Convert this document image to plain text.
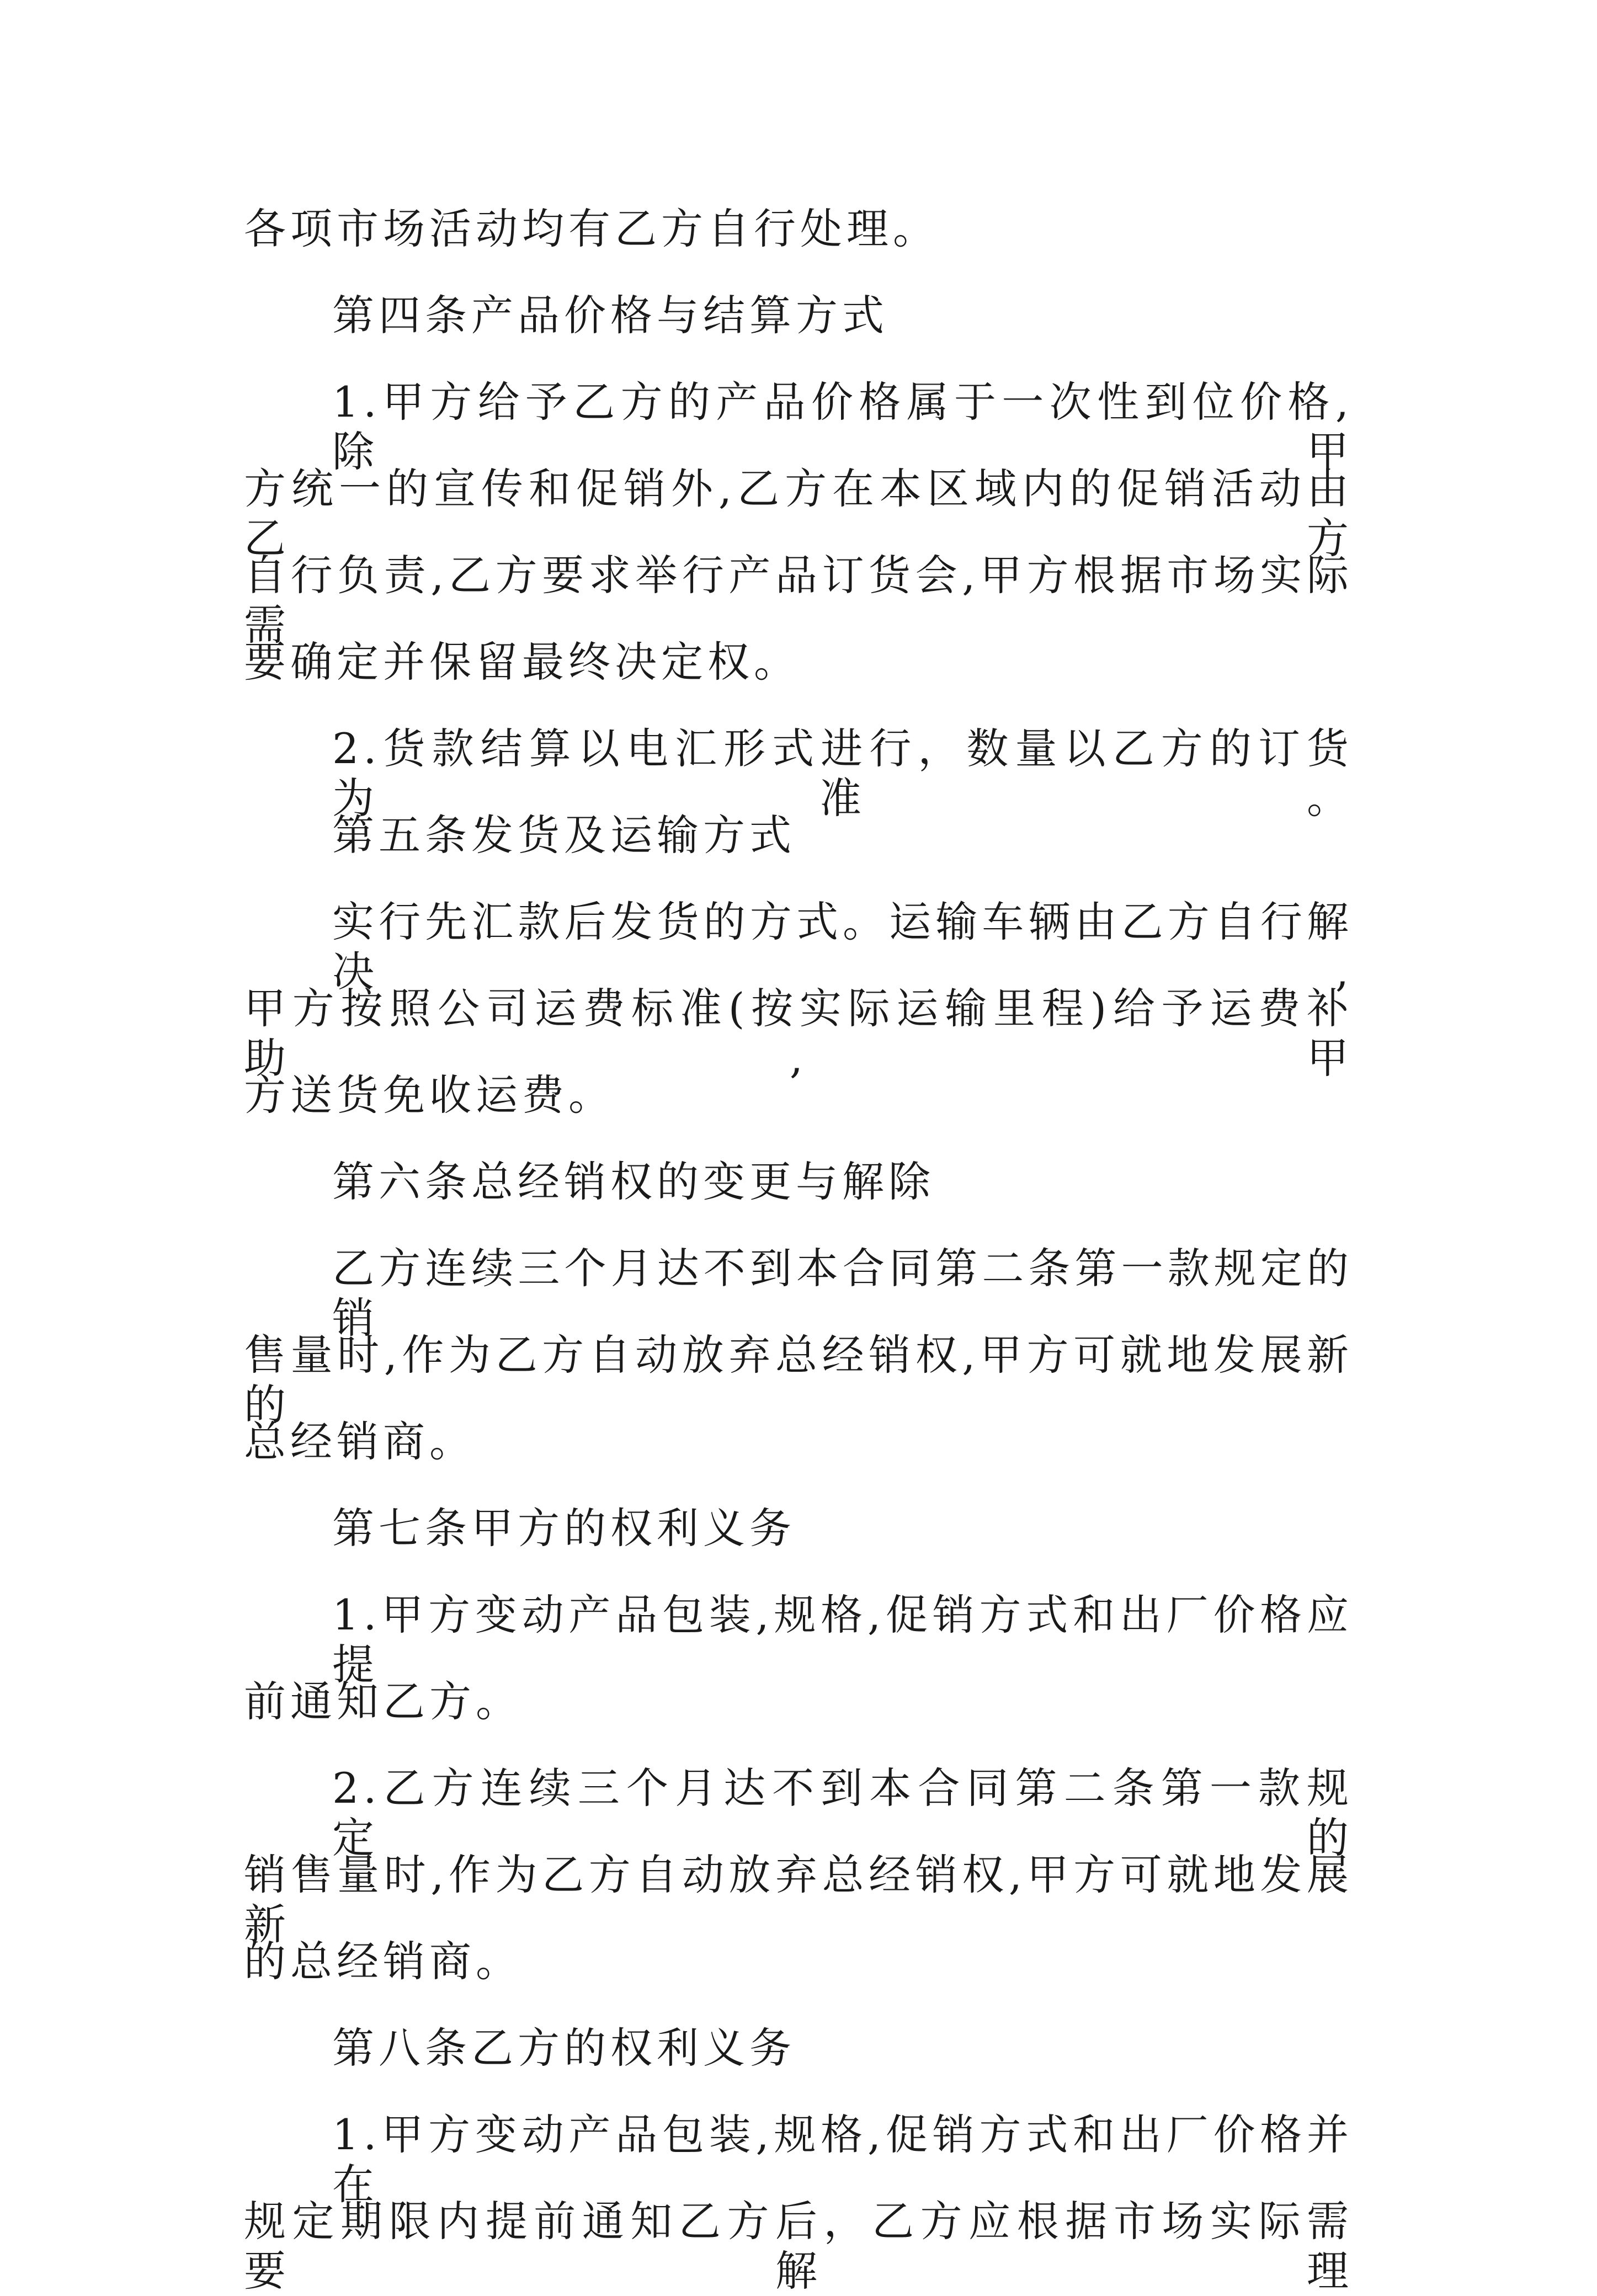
各项市场活动均有乙方自行处理。
第四条产品价格与结算方式
1.甲方给予乙方的产品价格属于一次性到位价格,除甲
方统一的宣传和促销外,乙方在本区域内的促销活动由乙方
自行负责,乙方要求举行产品订货会,甲方根据市场实际需
要确定并保留最终决定权。
2.货款结算以电汇形式进行，数量以乙方的订货为准。
第五条发货及运输方式
实行先汇款后发货的方式。运输车辆由乙方自行解决,
甲方按照公司运费标准(按实际运输里程)给予运费补助,甲
方送货免收运费。
第六条总经销权的变更与解除
乙方连续三个月达不到本合同第二条第一款规定的销
售量时,作为乙方自动放弃总经销权,甲方可就地发展新的
总经销商。
第七条甲方的权利义务
1.甲方变动产品包装,规格,促销方式和出厂价格应提
前通知乙方。
2.乙方连续三个月达不到本合同第二条第一款规定的
销售量时,作为乙方自动放弃总经销权,甲方可就地发展新
的总经销商。
第八条乙方的权利义务
1.甲方变动产品包装,规格,促销方式和出厂价格并在
规定期限内提前通知乙方后，乙方应根据市场实际需要解理
